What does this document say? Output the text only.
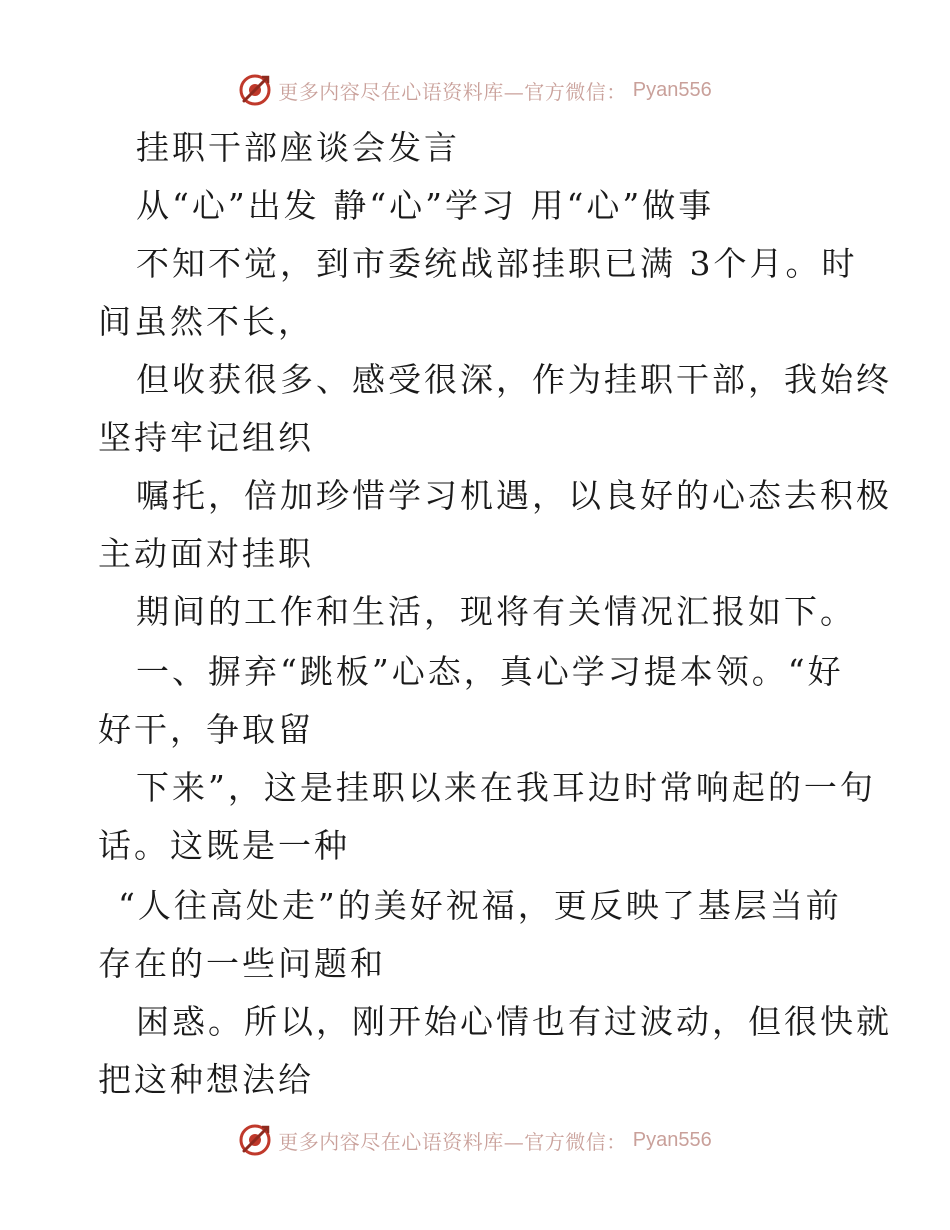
更多内容尽在心语资料库—官方微信： Pyan556
挂职干部座谈会发言
从“心”出发 静“心”学习 用“心”做事
不知不觉，到市委统战部挂职已满 3个月。时
间虽然不长，
但收获很多、感受很深，作为挂职干部，我始终
坚持牢记组织
嘱托，倍加珍惜学习机遇，以良好的心态去积极
主动面对挂职
期间的工作和生活，现将有关情况汇报如下。
一、摒弃“跳板”心态，真心学习提本领。“好
好干，争取留
下来”，这是挂职以来在我耳边时常响起的一句
话。这既是一种
“人往高处走”的美好祝福，更反映了基层当前
存在的一些问题和
困惑。所以，刚开始心情也有过波动，但很快就
把这种想法给
更多内容尽在心语资料库—官方微信： Pyan556
